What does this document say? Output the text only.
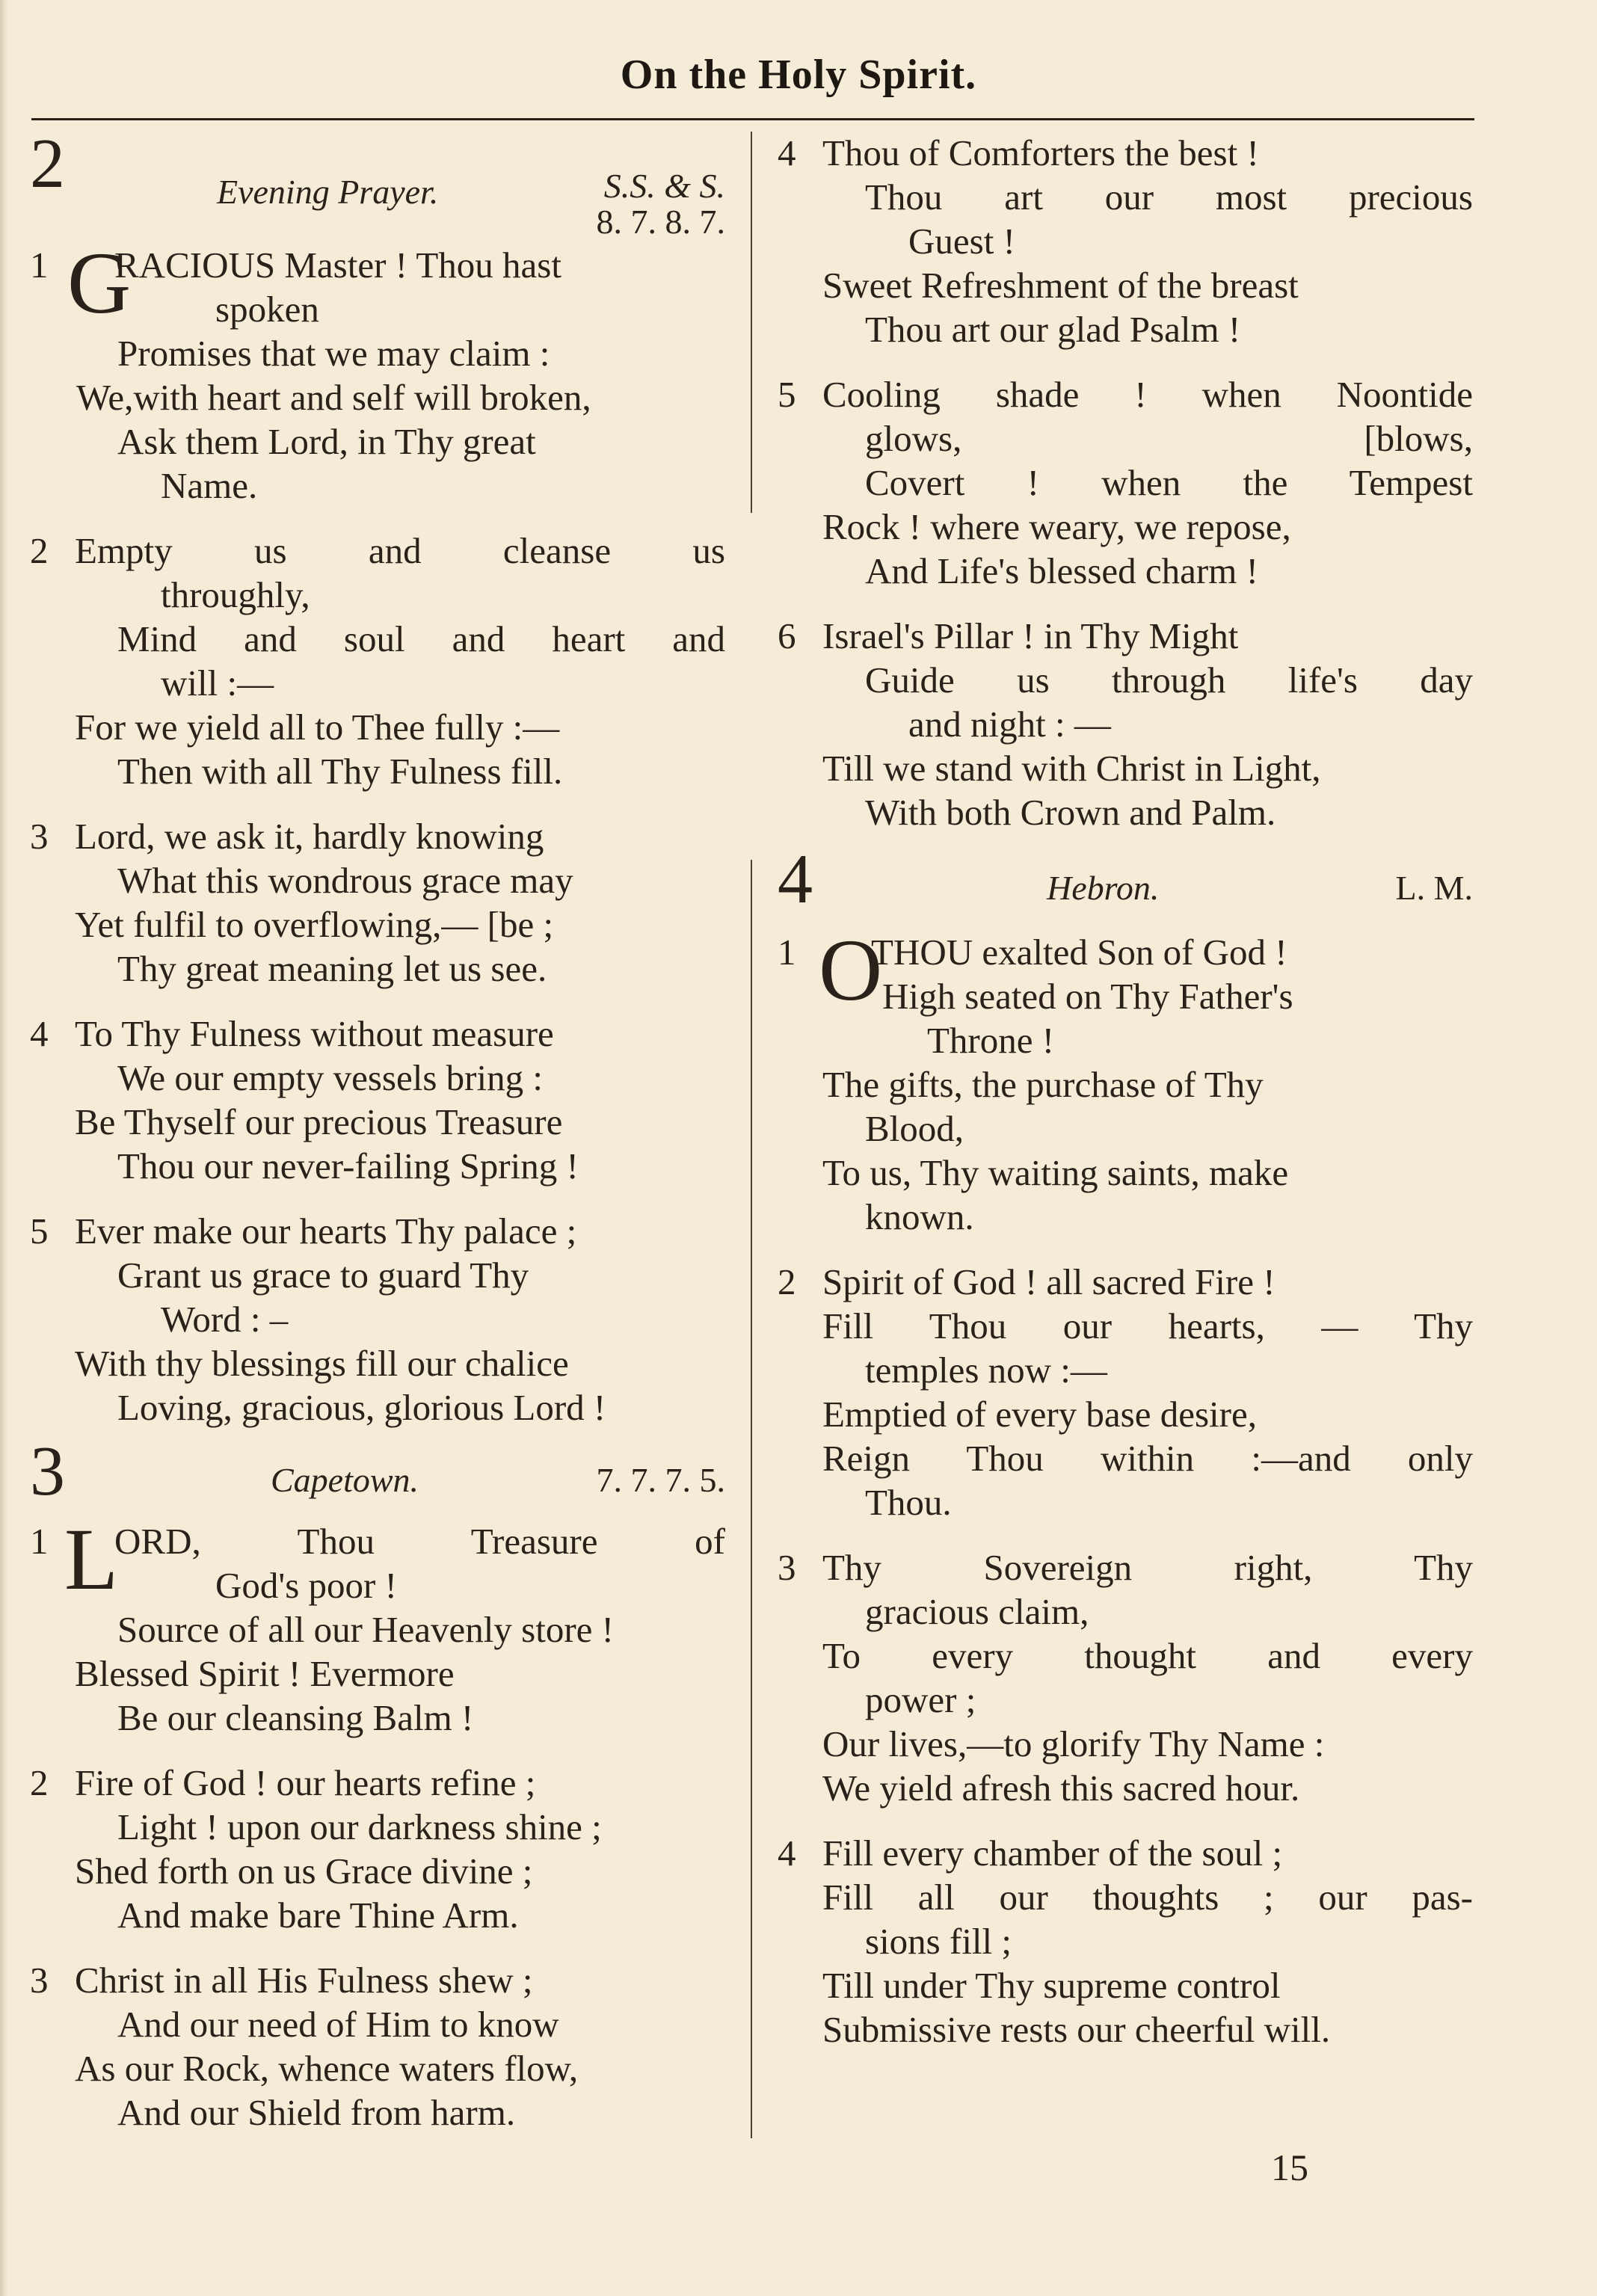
On the Holy Spirit.
2	Evening Prayer.	S.S. & S.
8. 7. 8. 7.
1 G
RACIOUS Master ! Thou hast
spoken
Promises that we may claim :
We,with heart and self will broken,
Ask them Lord, in Thy great
Name.
2 Empty us and cleanse us
throughly,
Mind and soul and heart and
will :—
For we yield all to Thee fully :—
Then with all Thy Fulness fill.
3 Lord, we ask it, hardly knowing
What this wondrous grace may
Yet fulfil to overflowing,— [be ;
Thy great meaning let us see.
4 To Thy Fulness without measure
We our empty vessels bring :
Be Thyself our precious Treasure
Thou our never-failing Spring !
5 Ever make our hearts Thy palace ;
Grant us grace to guard Thy
Word : –
With thy blessings fill our chalice
Loving, gracious, glorious Lord !
3	Capetown.	7. 7. 7. 5.
1 L
ORD, Thou Treasure of
God's poor !
Source of all our Heavenly store !
Blessed Spirit ! Evermore
Be our cleansing Balm !
2 Fire of God ! our hearts refine ;
Light ! upon our darkness shine ;
Shed forth on us Grace divine ;
And make bare Thine Arm.
3 Christ in all His Fulness shew ;
And our need of Him to know
As our Rock, whence waters flow,
And our Shield from harm.
4 Thou of Comforters the best !
Thou art our most precious
Guest !
Sweet Refreshment of the breast
Thou art our glad Psalm !
5 Cooling shade ! when Noontide
glows,	[blows,
Covert ! when the Tempest
Rock ! where weary, we repose,
And Life's blessed charm !
6 Israel's Pillar ! in Thy Might
Guide us through life's day
and night : —
Till we stand with Christ in Light,
With both Crown and Palm.
4	Hebron.	L. M.
1 O
THOU exalted Son of God !
High seated on Thy Father's
Throne !
The gifts, the purchase of Thy
Blood,
To us, Thy waiting saints, make
known.
2 Spirit of God ! all sacred Fire !
Fill Thou our hearts, — Thy
temples now :—
Emptied of every base desire,
Reign Thou within :—and only
Thou.
3 Thy Sovereign right, Thy
gracious claim,
To every thought and every
power ;
Our lives,—to glorify Thy Name :
We yield afresh this sacred hour.
4 Fill every chamber of the soul ;
Fill all our thoughts ; our pas-
sions fill ;
Till under Thy supreme control
Submissive rests our cheerful will.
15
